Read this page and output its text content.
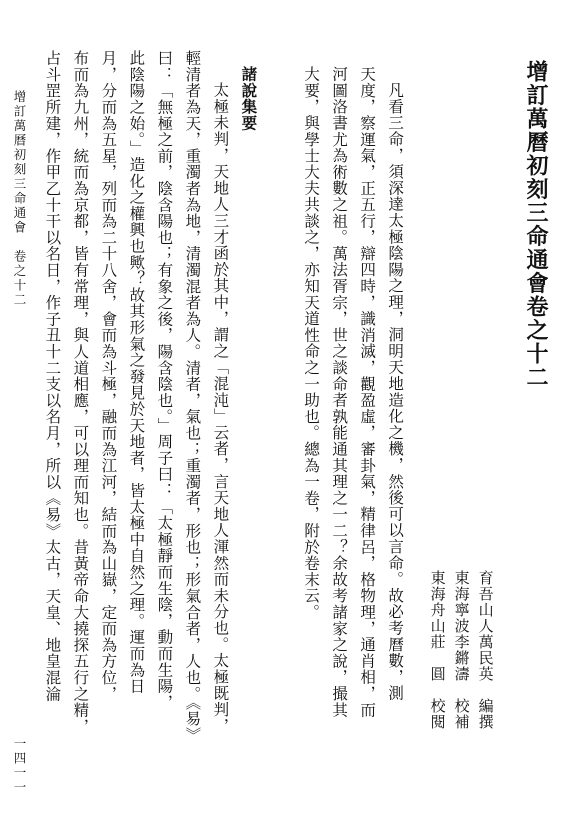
增訂萬曆初刻三命通會卷之十二
育吾山人萬民英　編撰
東海寧波李鏘濤　校補
東海舟山莊　圓　校閱
凡看三命，須深達太極陰陽之理，洞明天地造化之機，然後可以言命。故必考曆數，測
天度，察運氣，正五行，辯四時，識消滅，觀盈虛，審卦氣，精律呂，格物理，通肖相，而
河圖洛書尤為術數之祖。萬法胥宗，世之談命者孰能通其理之一二？余故考諸家之說，撮其
大要，與學士大夫共談之，亦知天道性命之一助也。總為一卷，附於卷末云。
諸說集要
太極未判，天地人三才函於其中，謂之「混沌」云者，言天地人渾然而未分也。太極既判，
輕清者為天，重濁者為地，清濁混者為人。清者，氣也；重濁者，形也；形氣合者，人也。《易》
曰：「無極之前，陰含陽也；有象之後，陽含陰也。」周子曰：「太極靜而生陰，動而生陽，
此陰陽之始。」造化之權興也歟？故其形氣之發見於天地者，皆太極中自然之理。運而為日
月，分而為五星，列而為二十八舍，會而為斗極，融而為江河，結而為山嶽，定而為方位，
布而為九州，統而為京都，皆有常理，與人道相應，可以理而知也。昔黃帝命大撓探五行之精，
占斗罡所建，作甲乙十干以名日，作子丑十二支以名月，所以《易》太古，天皇、地皇混淪
增訂萬曆初刻三命通會　卷之十二
一四一一
